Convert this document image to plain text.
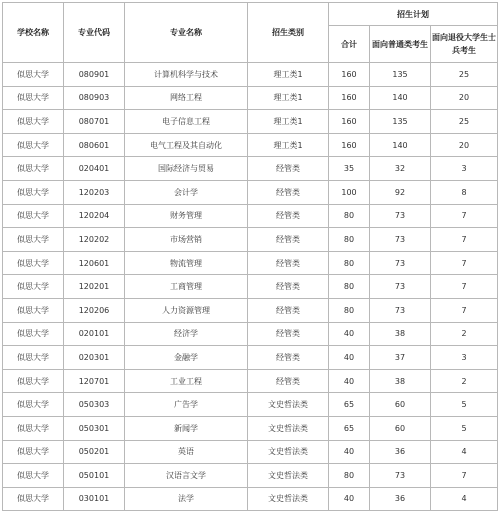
学校名称	专业代码	专业名称	招生类别	招生计划		
				合计	面向普通类考生	面向退役大学生士兵考生
似思大学	080901	计算机科学与技术	理工类1	160	135	25
似思大学	080903	网络工程	理工类1	160	140	20
似思大学	080701	电子信息工程	理工类1	160	135	25
似思大学	080601	电气工程及其自动化	理工类1	160	140	20
似思大学	020401	国际经济与贸易	经管类	35	32	3
似思大学	120203	会计学	经管类	100	92	8
似思大学	120204	财务管理	经管类	80	73	7
似思大学	120202	市场营销	经管类	80	73	7
似思大学	120601	物流管理	经管类	80	73	7
似思大学	120201	工商管理	经管类	80	73	7
似思大学	120206	人力资源管理	经管类	80	73	7
似思大学	020101	经济学	经管类	40	38	2
似思大学	020301	金融学	经管类	40	37	3
似思大学	120701	工业工程	经管类	40	38	2
似思大学	050303	广告学	文史哲法类	65	60	5
似思大学	050301	新闻学	文史哲法类	65	60	5
似思大学	050201	英语	文史哲法类	40	36	4
似思大学	050101	汉语言文学	文史哲法类	80	73	7
似思大学	030101	法学	文史哲法类	40	36	4
